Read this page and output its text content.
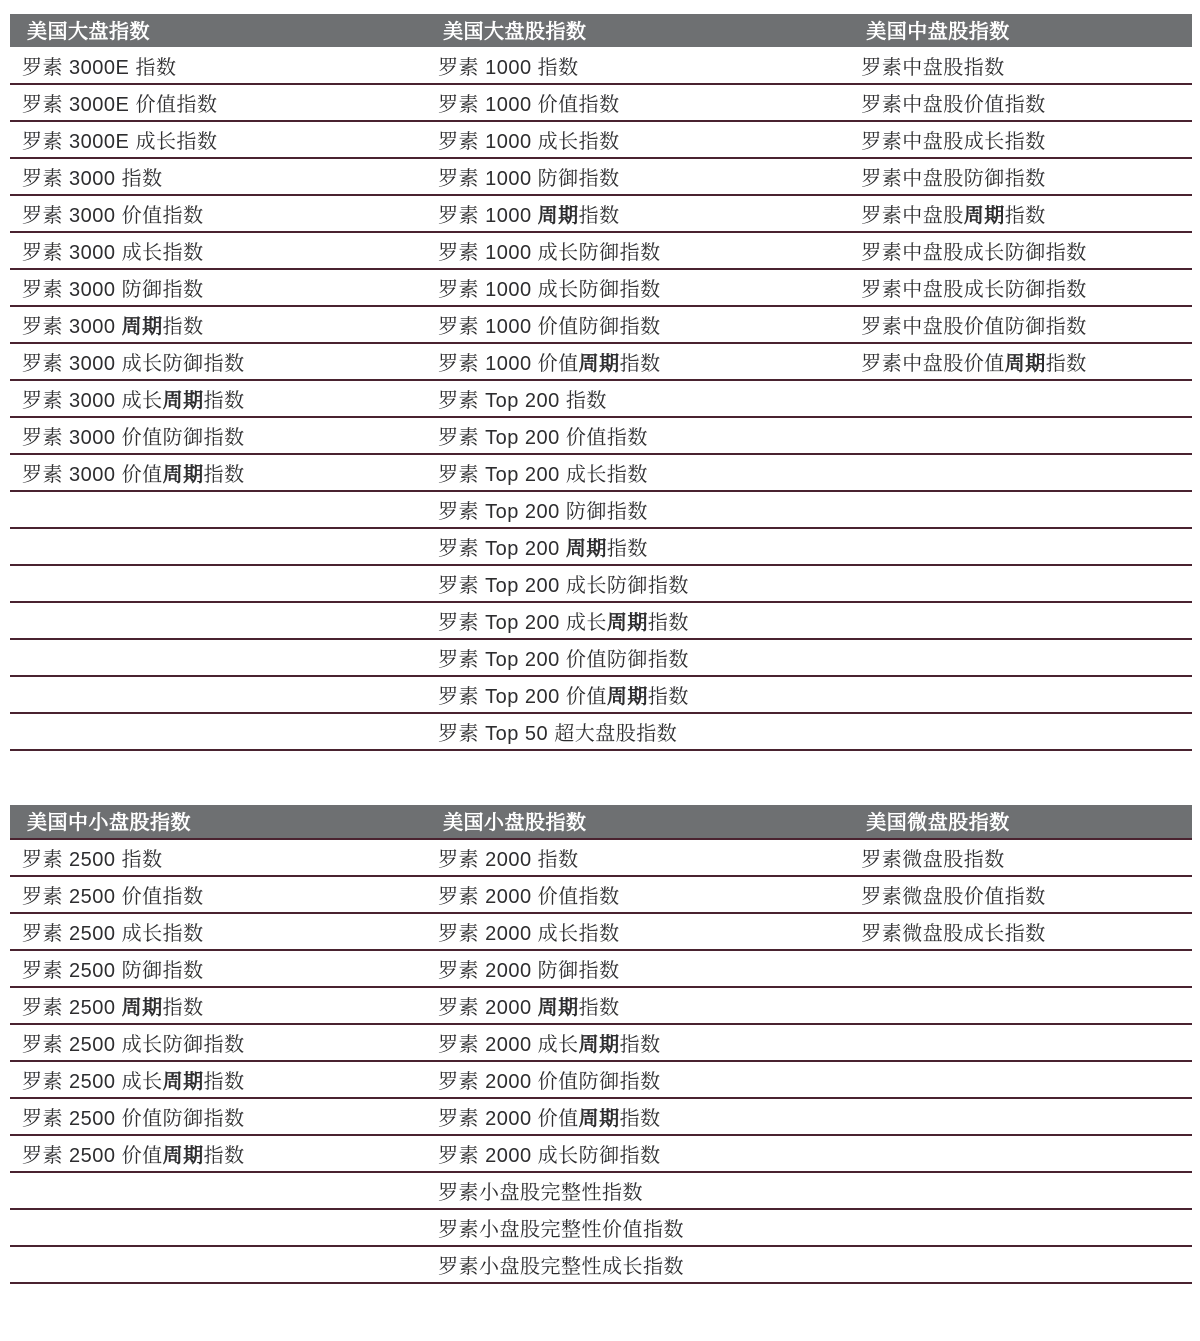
美国大盘指数	美国大盘股指数	美国中盘股指数
罗素 3000E 指数	罗素 1000 指数	罗素中盘股指数
罗素 3000E 价值指数	罗素 1000 价值指数	罗素中盘股价值指数
罗素 3000E 成长指数	罗素 1000 成长指数	罗素中盘股成长指数
罗素 3000 指数	罗素 1000 防御指数	罗素中盘股防御指数
罗素 3000 价值指数	罗素 1000 周期指数	罗素中盘股周期指数
罗素 3000 成长指数	罗素 1000 成长防御指数	罗素中盘股成长防御指数
罗素 3000 防御指数	罗素 1000 成长防御指数	罗素中盘股成长防御指数
罗素 3000 周期指数	罗素 1000 价值防御指数	罗素中盘股价值防御指数
罗素 3000 成长防御指数	罗素 1000 价值周期指数	罗素中盘股价值周期指数
罗素 3000 成长周期指数	罗素 Top 200 指数	
罗素 3000 价值防御指数	罗素 Top 200 价值指数	
罗素 3000 价值周期指数	罗素 Top 200 成长指数	
	罗素 Top 200 防御指数	
	罗素 Top 200 周期指数	
	罗素 Top 200 成长防御指数	
	罗素 Top 200 成长周期指数	
	罗素 Top 200 价值防御指数	
	罗素 Top 200 价值周期指数	
	罗素 Top 50 超大盘股指数	
美国中小盘股指数	美国小盘股指数	美国微盘股指数
罗素 2500 指数	罗素 2000 指数	罗素微盘股指数
罗素 2500 价值指数	罗素 2000 价值指数	罗素微盘股价值指数
罗素 2500 成长指数	罗素 2000 成长指数	罗素微盘股成长指数
罗素 2500 防御指数	罗素 2000 防御指数	
罗素 2500 周期指数	罗素 2000 周期指数	
罗素 2500 成长防御指数	罗素 2000 成长周期指数	
罗素 2500 成长周期指数	罗素 2000 价值防御指数	
罗素 2500 价值防御指数	罗素 2000 价值周期指数	
罗素 2500 价值周期指数	罗素 2000 成长防御指数	
	罗素小盘股完整性指数	
	罗素小盘股完整性价值指数	
	罗素小盘股完整性成长指数	
